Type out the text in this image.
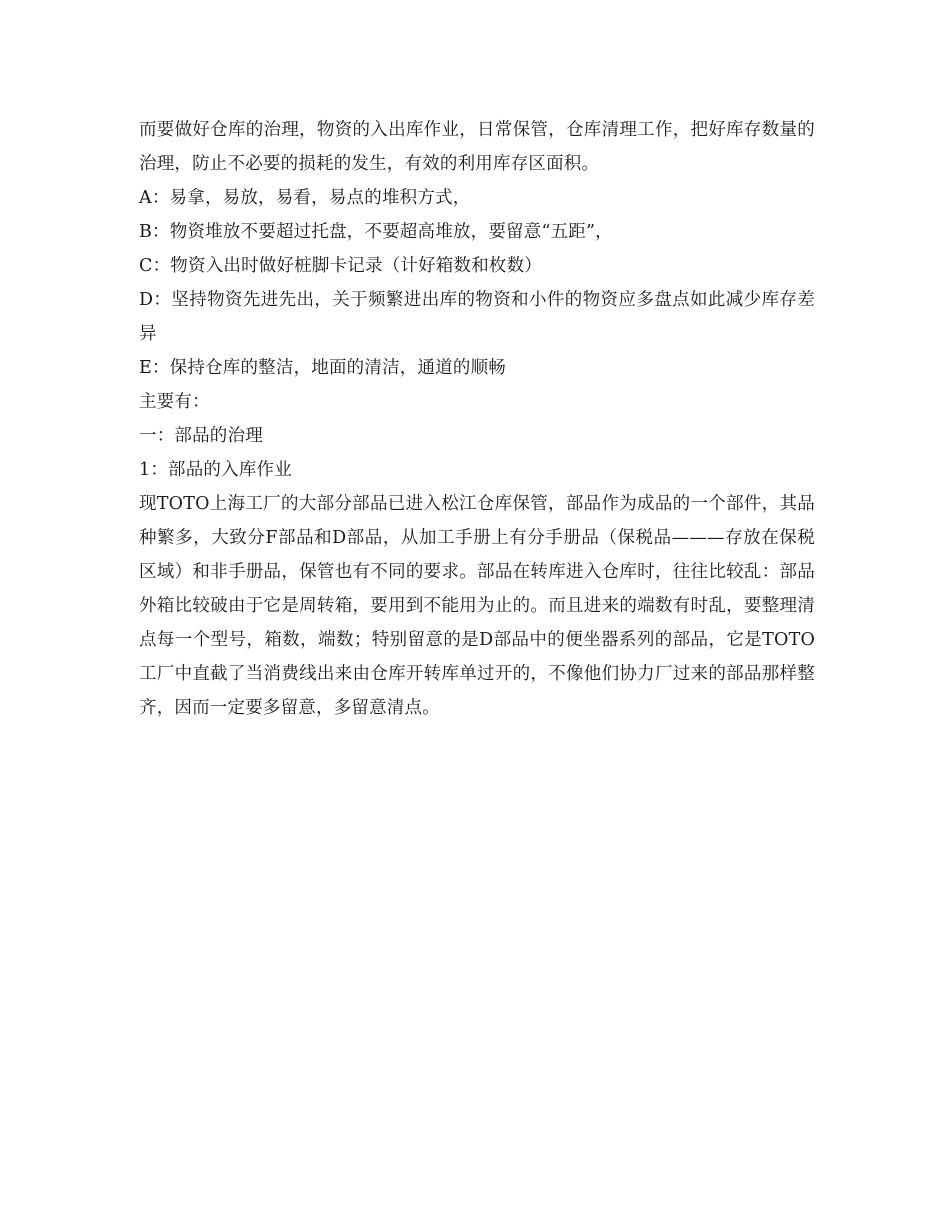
而要做好仓库的治理，物资的入出库作业，日常保管，仓库清理工作，把好库存数量的治理，防止不必要的损耗的发生，有效的利用库存区面积。

A：易拿，易放，易看，易点的堆积方式，

B：物资堆放不要超过托盘，不要超高堆放，要留意“五距”，

C：物资入出时做好桩脚卡记录（计好箱数和枚数）

D：坚持物资先进先出，关于频繁进出库的物资和小件的物资应多盘点如此减少库存差异

E：保持仓库的整洁，地面的清洁，通道的顺畅

主要有：

一：部品的治理

1：部品的入库作业

现TOTO上海工厂的大部分部品已进入松江仓库保管，部品作为成品的一个部件，其品种繁多，大致分F部品和D部品，从加工手册上有分手册品（保税品———存放在保税区域）和非手册品，保管也有不同的要求。部品在转库进入仓库时，往往比较乱：部品外箱比较破由于它是周转箱，要用到不能用为止的。而且进来的端数有时乱，要整理清点每一个型号，箱数，端数；特别留意的是D部品中的便坐器系列的部品，它是TOTO工厂中直截了当消费线出来由仓库开转库单过开的，不像他们协力厂过来的部品那样整齐，因而一定要多留意，多留意清点。
